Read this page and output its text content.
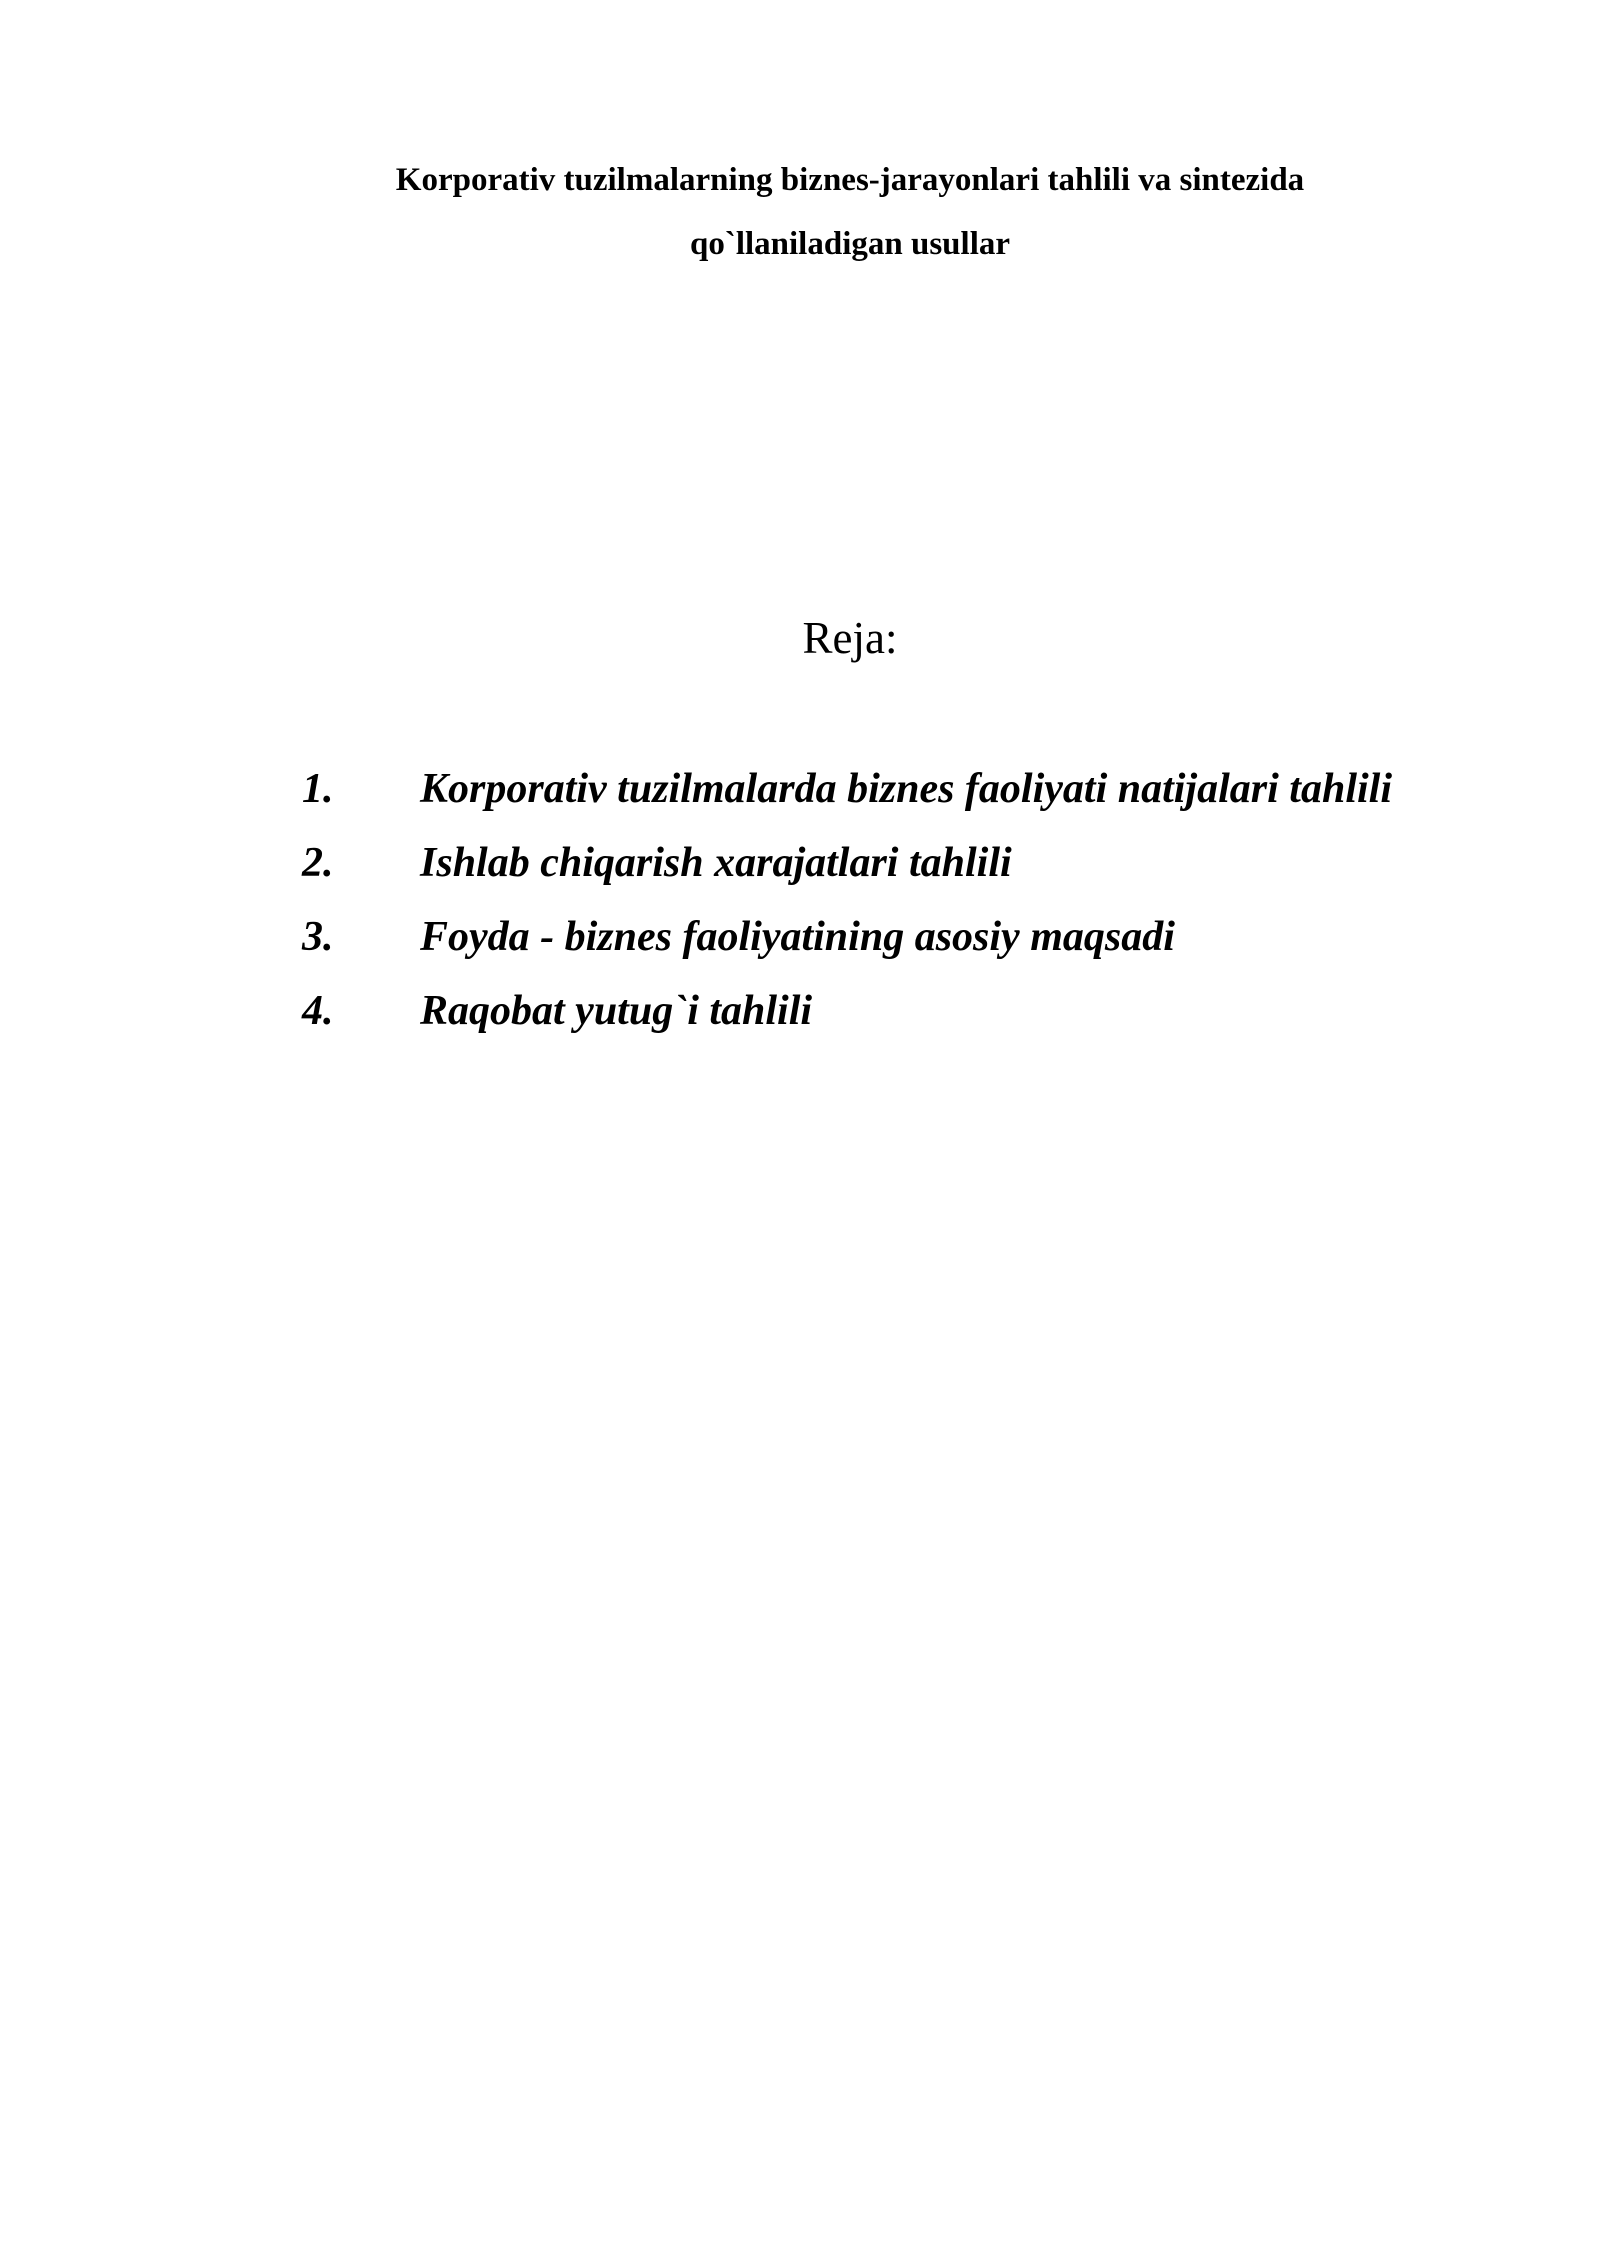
Korporativ tuzilmalarning biznes-jarayonlari tahlili va sintezida
qo`llaniladigan usullar
Reja:
1.	Korporativ tuzilmalarda biznes faoliyati natijalari tahlili
2.	Ishlab chiqarish xarajatlari tahlili
3.	Foyda - biznes faoliyatining asosiy maqsadi
4.	Raqobat yutug`i tahlili
